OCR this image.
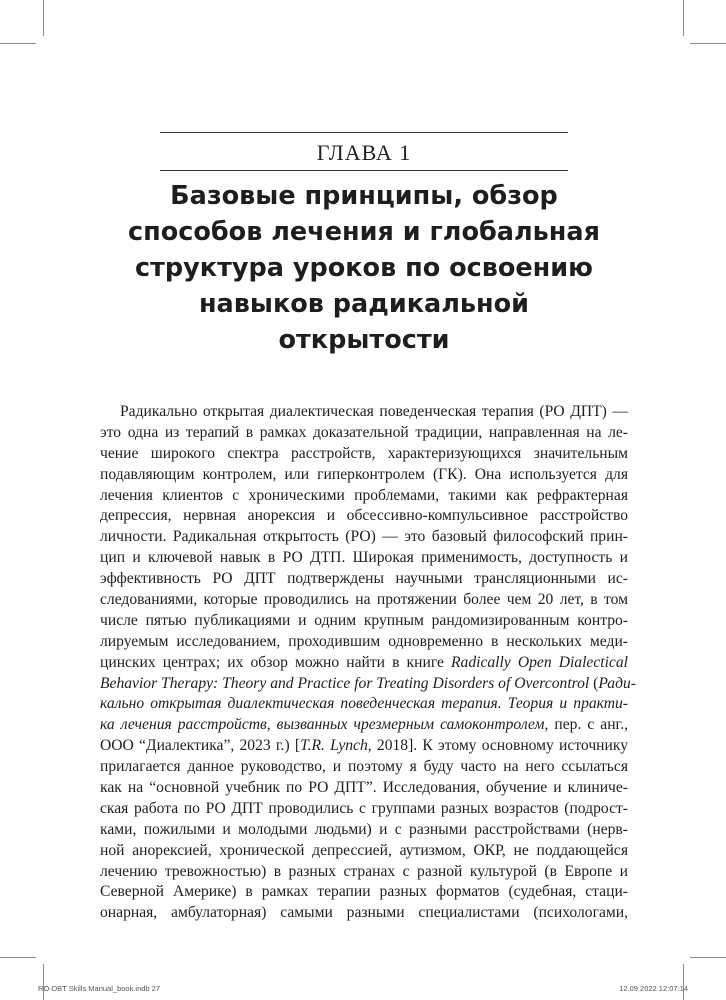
ГЛАВА 1
Базовые принципы, обзор
способов лечения и глобальная
структура уроков по освоению
навыков радикальной
открытости
Радикально открытая диалектическая поведенческая терапия (РО ДПТ) —
это одна из терапий в рамках доказательной традиции, направленная на ле-
чение широкого спектра расстройств, характеризующихся значительным
подавляющим контролем, или гиперконтролем (ГК). Она используется для
лечения клиентов с хроническими проблемами, такими как рефрактерная
депрессия, нервная анорексия и обсессивно-компульсивное расстройство
личности. Радикальная открытость (РО) — это базовый философский прин-
цип и ключевой навык в РО ДТП. Широкая применимость, доступность и
эффективность РО ДПТ подтверждены научными трансляционными ис-
следованиями, которые проводились на протяжении более чем 20 лет, в том
числе пятью публикациями и одним крупным рандомизированным контро-
лируемым исследованием, проходившим одновременно в нескольких меди-
цинских центрах; их обзор можно найти в книге Radically Open Dialectical
Behavior Therapy: Theory and Practice for Treating Disorders of Overcontrol (Ради-
кально открытая диалектическая поведенческая терапия. Теория и практи-
ка лечения расстройств, вызванных чрезмерным самоконтролем, пер. с анг.,
ООО “Диалектика”, 2023 г.) [T.R. Lynch, 2018]. К этому основному источнику
прилагается данное руководство, и поэтому я буду часто на него ссылаться
как на “основной учебник по РО ДПТ”. Исследования, обучение и клиниче-
ская работа по РО ДПТ проводились с группами разных возрастов (подрост-
ками, пожилыми и молодыми людьми) и с разными расстройствами (нерв-
ной анорексией, хронической депрессией, аутизмом, ОКР, не поддающейся
лечению тревожностью) в разных странах с разной культурой (в Европе и
Северной Америке) в рамках терапии разных форматов (судебная, стаци-
онарная, амбулаторная) самыми разными специалистами (психологами,
RO-DBT Skills Manual_book.indb 27	12.09.2022 12:07:14
